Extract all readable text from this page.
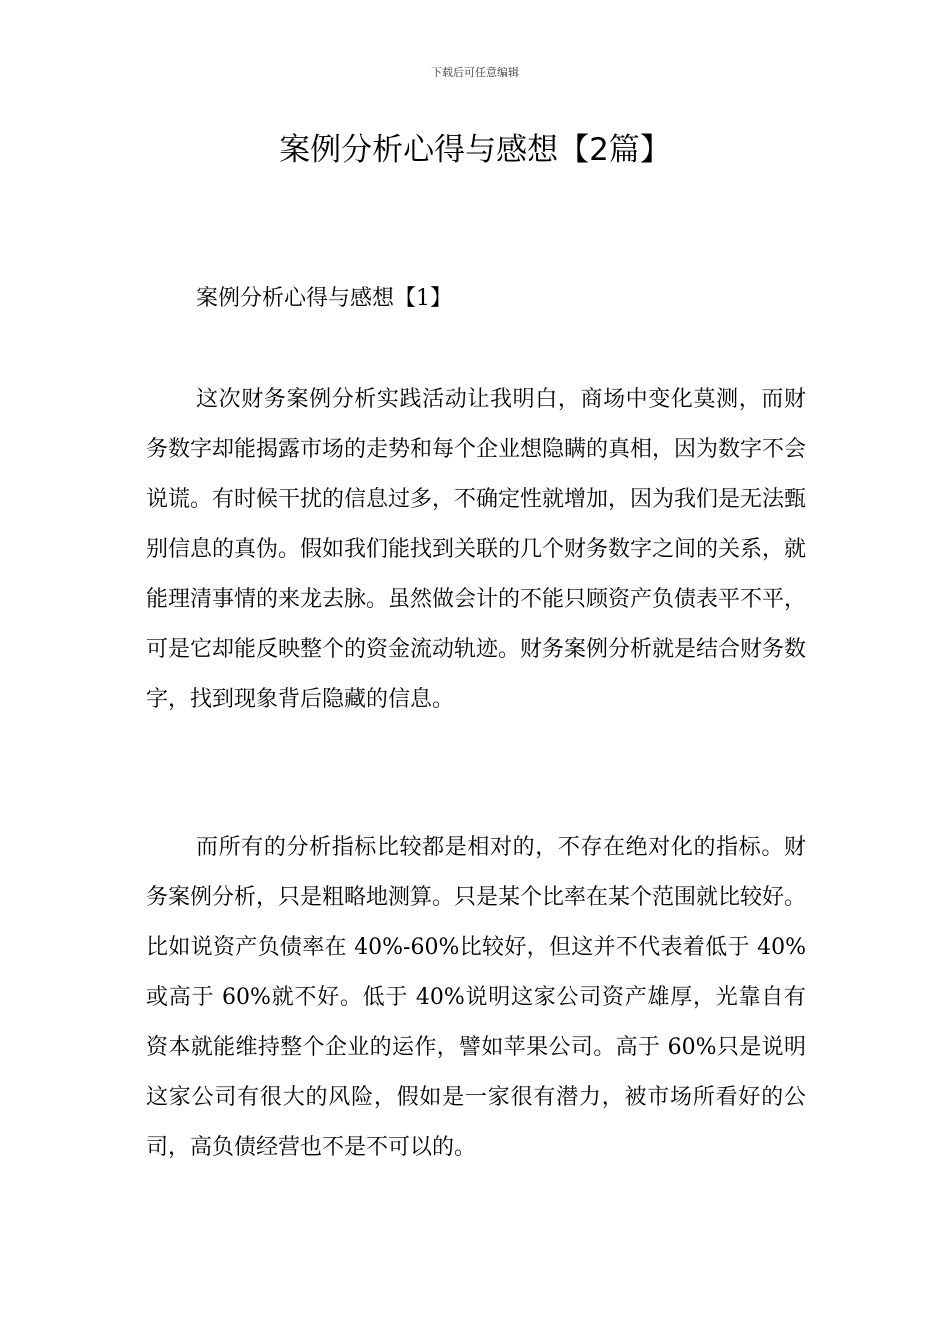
下载后可任意编辑
案例分析心得与感想【2篇】
案例分析心得与感想【1】

这次财务案例分析实践活动让我明白，商场中变化莫测，而财务数字却能揭露市场的走势和每个企业想隐瞒的真相，因为数字不会说谎。有时候干扰的信息过多，不确定性就增加，因为我们是无法甄别信息的真伪。假如我们能找到关联的几个财务数字之间的关系，就能理清事情的来龙去脉。虽然做会计的不能只顾资产负债表平不平，可是它却能反映整个的资金流动轨迹。财务案例分析就是结合财务数字，找到现象背后隐藏的信息。

而所有的分析指标比较都是相对的，不存在绝对化的指标。财务案例分析，只是粗略地测算。只是某个比率在某个范围就比较好。比如说资产负债率在 40%-60%比较好，但这并不代表着低于 40%或高于 60%就不好。低于 40%说明这家公司资产雄厚，光靠自有资本就能维持整个企业的运作，譬如苹果公司。高于 60%只是说明这家公司有很大的风险，假如是一家很有潜力，被市场所看好的公司，高负债经营也不是不可以的。
